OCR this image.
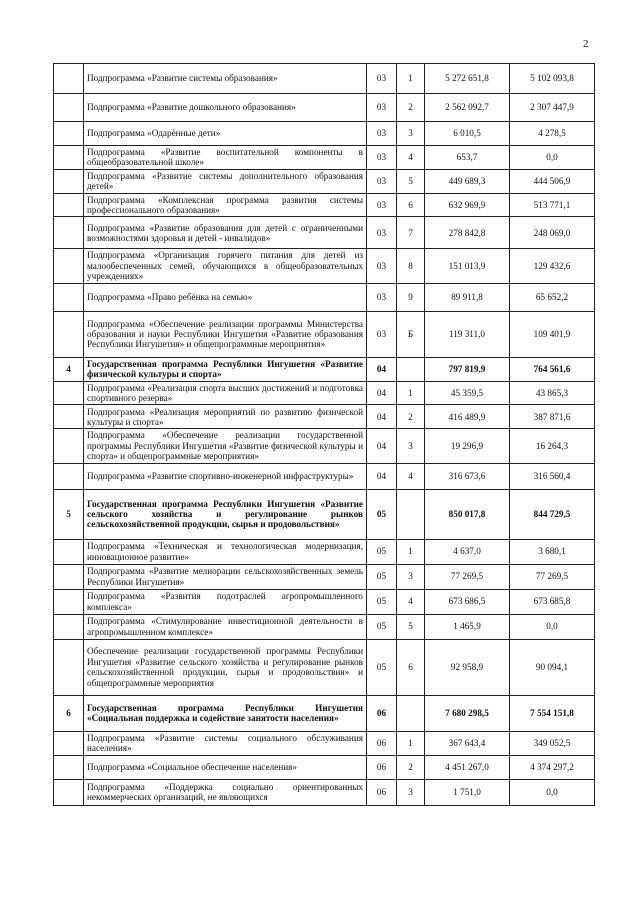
2
	Подпрограмма «Развитие системы образования»	03	1	5 272 651,8	5 102 093,8
	Подпрограмма «Развитие дошкольного образования»	03	2	2 562 092,7	2 307 447,9
	Подпрограмма «Одарённые дети»	03	3	6 010,5	4 278,5
	Подпрограмма «Развитие воспитательной компоненты в общеобразовательной школе»	03	4	653,7	0,0
	Подпрограмма «Развитие системы дополнительного образования детей»	03	5	449 689,3	444 506,9
	Подпрограмма «Комплексная программа развития системы профессионального образования»	03	6	632 969,9	513 771,1
	Подпрограмма «Развитие образования для детей с ограниченными возможностями здоровья и детей - инвалидов»	03	7	278 842,8	248 069,0
	Подпрограмма «Организация горячего питания для детей из малообеспеченных семей, обучающихся в общеобразовательных учреждениях»	03	8	151 013,9	129 432,6
	Подпрограмма «Право ребёнка на семью»	03	9	89 911,8	65 652,2
	Подпрограмма «Обеспечение реализации программы Министерства образования и науки Республики Ингушетия «Развитие образования Республики Ингушетия» и общепрограммные мероприятия»	03	Б	119 311,0	109 401,9
4	Государственная программа Республики Ингушетия «Развитие физической культуры и спорта»	04		797 819,9	764 561,6
	Подпрограмма «Реализация спорта высших достижений и подготовка спортивного резерва»	04	1	45 359,5	43 865,3
	Подпрограмма «Реализация мероприятий по развитию физической культуры и спорта»	04	2	416 489,9	387 871,6
	Подпрограмма «Обеспечение реализации государственной программы Республики Ингушетия «Развитие физической культуры и спорта» и общепрограммные мероприятия»	04	3	19 296,9	16 264,3
	Подпрограмма «Развитие спортивно-инженерной инфраструктуры»	04	4	316 673,6	316 560,4
5	Государственная программа Республики Ингушетия «Развитие сельского хозяйства и регулирование рынков сельскохозяйственной продукции, сырья и продовольствия»	05		850 017,8	844 729,5
	Подпрограмма «Техническая и технологическая модернизация, инновационное развитие»	05	1	4 637,0	3 680,1
	Подпрограмма «Развитие мелиорации сельскохозяйственных земель Республики Ингушетия»	05	3	77 269,5	77 269,5
	Подпрограмма «Развития подотраслей агропромышленного комплекса»	05	4	673 686,5	673 685,8
	Подпрограмма «Стимулирование инвестиционной деятельности в агропромышленном комплексе»	05	5	1 465,9	0,0
	Обеспечение реализации государственной программы Республики Ингушетия «Развитие сельского хозяйства и регулирование рынков сельскохозяйственной продукции, сырья и продовольствия» и общепрограммные мероприятия	05	6	92 958,9	90 094,1
6	Государственная программа Республики Ингушетия «Социальная поддержка и содействие занятости населения»	06		7 680 298,5	7 554 151,8
	Подпрограмма «Развитие системы социального обслуживания населения»	06	1	367 643,4	349 052,5
	Подпрограмма «Социальное обеспечение населения»	06	2	4 451 267,0	4 374 297,2
	Подпрограмма «Поддержка социально ориентированных некоммерческих организаций, не являющихся	06	3	1 751,0	0,0
